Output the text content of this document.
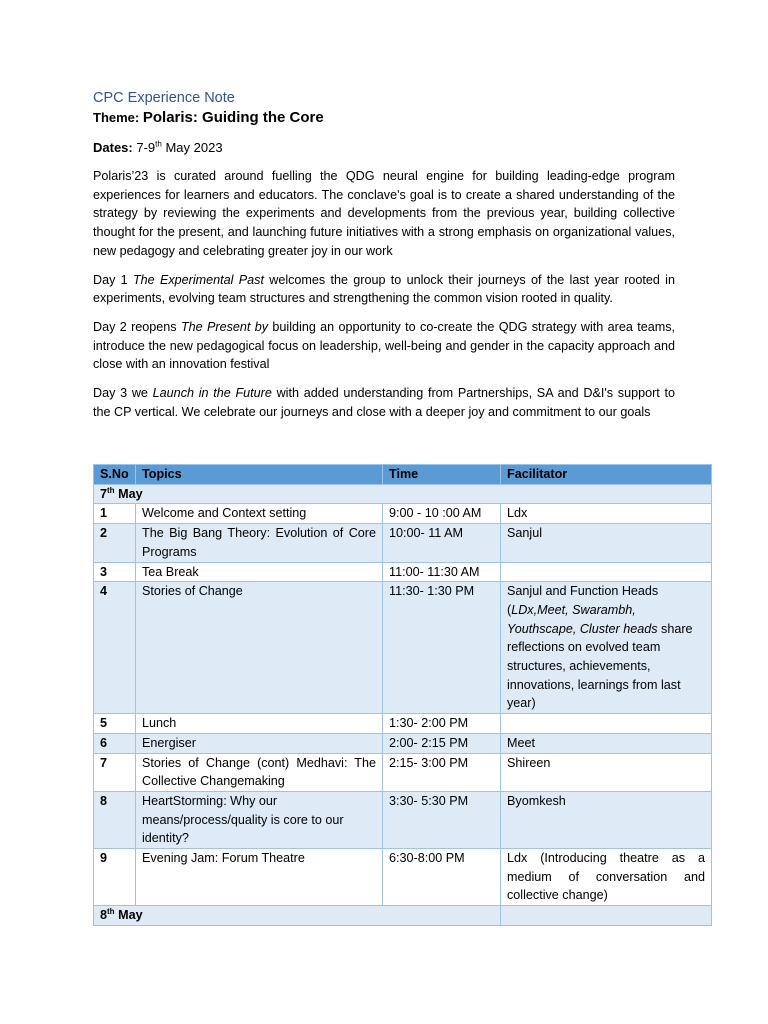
CPC Experience Note
Theme: Polaris: Guiding the Core
Dates: 7-9th May 2023

Polaris’23 is curated around fuelling the QDG neural engine for building leading-edge program experiences for learners and educators. The conclave's goal is to create a shared understanding of the strategy by reviewing the experiments and developments from the previous year, building collective thought for the present, and launching future initiatives with a strong emphasis on organizational values, new pedagogy and celebrating greater joy in our work

Day 1 The Experimental Past welcomes the group to unlock their journeys of the last year rooted in experiments, evolving team structures and strengthening the common vision rooted in quality.

Day 2 reopens The Present by building an opportunity to co-create the QDG strategy with area teams, introduce the new pedagogical focus on leadership, well-being and gender in the capacity approach and close with an innovation festival

Day 3 we Launch in the Future with added understanding from Partnerships, SA and D&I's support to the CP vertical. We celebrate our journeys and close with a deeper joy and commitment to our goals

S.No	Topics	Time	Facilitator
7th May			
1	Welcome and Context setting	9:00 - 10 :00 AM	Ldx
2	The Big Bang Theory: Evolution of Core Programs	10:00- 11 AM	Sanjul
3	Tea Break	11:00- 11:30 AM	
4	Stories of Change	11:30- 1:30 PM	Sanjul and Function Heads (LDx,Meet, Swarambh, Youthscape, Cluster heads share reflections on evolved team structures, achievements, innovations, learnings from last year)
5	Lunch	1:30- 2:00 PM	
6	Energiser	2:00- 2:15 PM	Meet
7	Stories of Change (cont) Medhavi: The Collective Changemaking	2:15- 3:00 PM	Shireen
8	HeartStorming: Why our means/process/quality is core to our identity?	3:30- 5:30 PM	Byomkesh
9	Evening Jam: Forum Theatre	6:30-8:00 PM	Ldx (Introducing theatre as a medium of conversation and collective change)
8th May			
